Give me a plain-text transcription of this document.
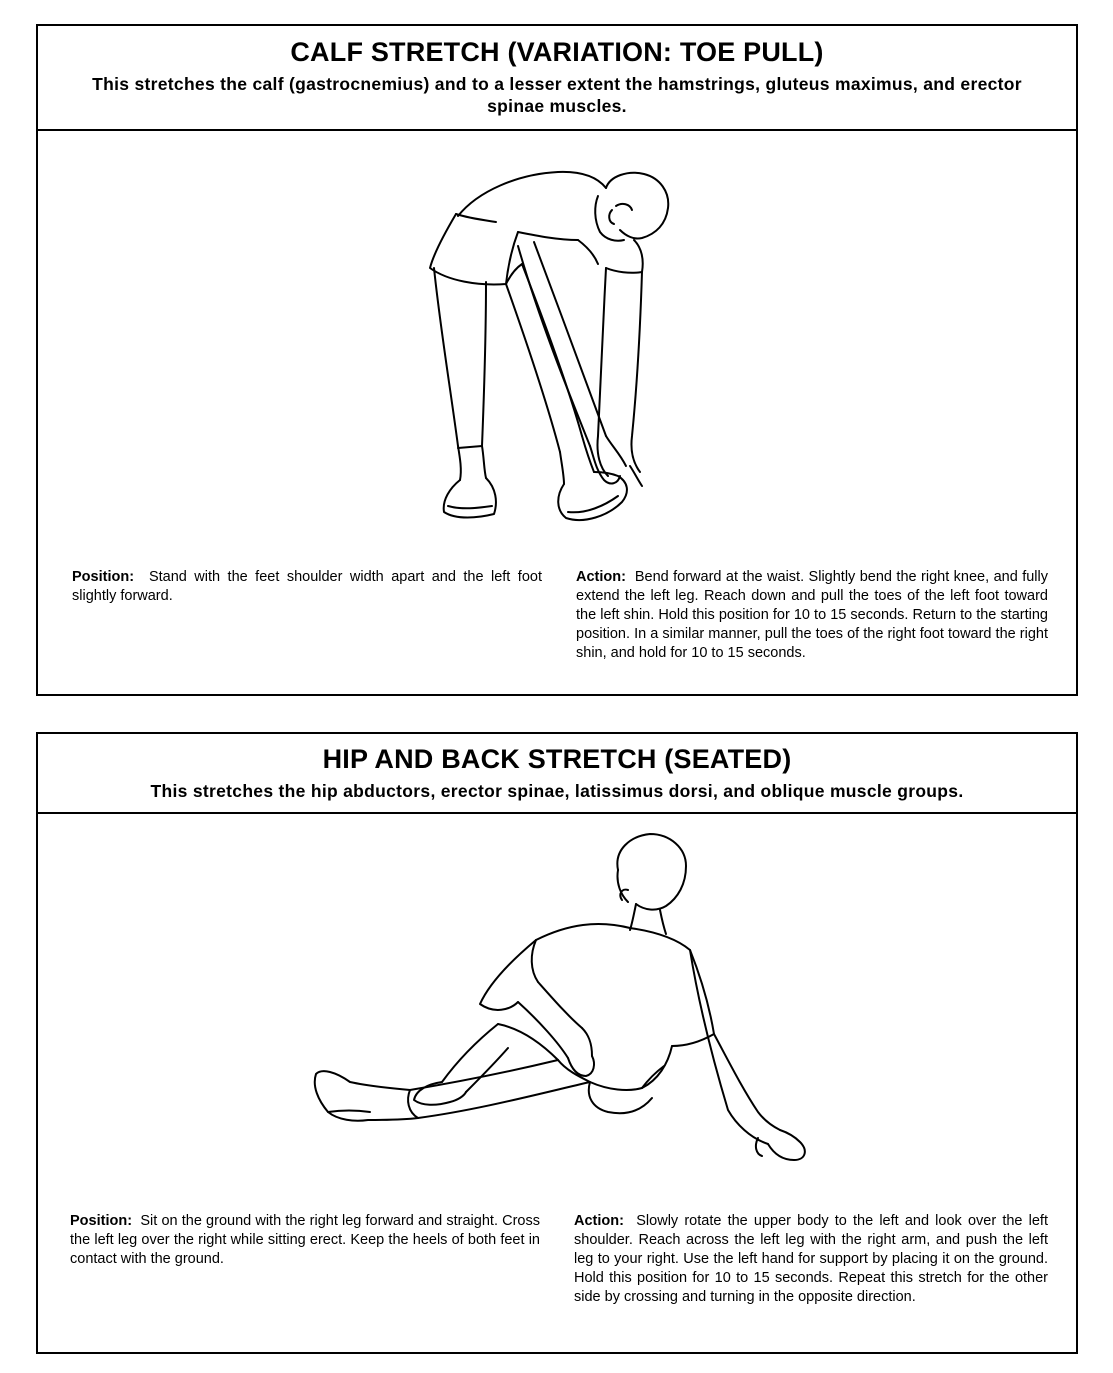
CALF STRETCH (VARIATION: TOE PULL)
This stretches the calf (gastrocnemius) and to a lesser extent the hamstrings, gluteus maximus, and erector spinae muscles.
Position: Stand with the feet shoulder width apart and the left foot slightly forward.
Action: Bend forward at the waist. Slightly bend the right knee, and fully extend the left leg. Reach down and pull the toes of the left foot toward the left shin. Hold this position for 10 to 15 seconds. Return to the starting position. In a similar manner, pull the toes of the right foot toward the right shin, and hold for 10 to 15 seconds.
HIP AND BACK STRETCH (SEATED)
This stretches the hip abductors, erector spinae, latissimus dorsi, and oblique muscle groups.
Position: Sit on the ground with the right leg forward and straight. Cross the left leg over the right while sitting erect. Keep the heels of both feet in contact with the ground.
Action: Slowly rotate the upper body to the left and look over the left shoulder. Reach across the left leg with the right arm, and push the left leg to your right. Use the left hand for support by placing it on the ground. Hold this position for 10 to 15 seconds. Repeat this stretch for the other side by crossing and turning in the opposite direction.
